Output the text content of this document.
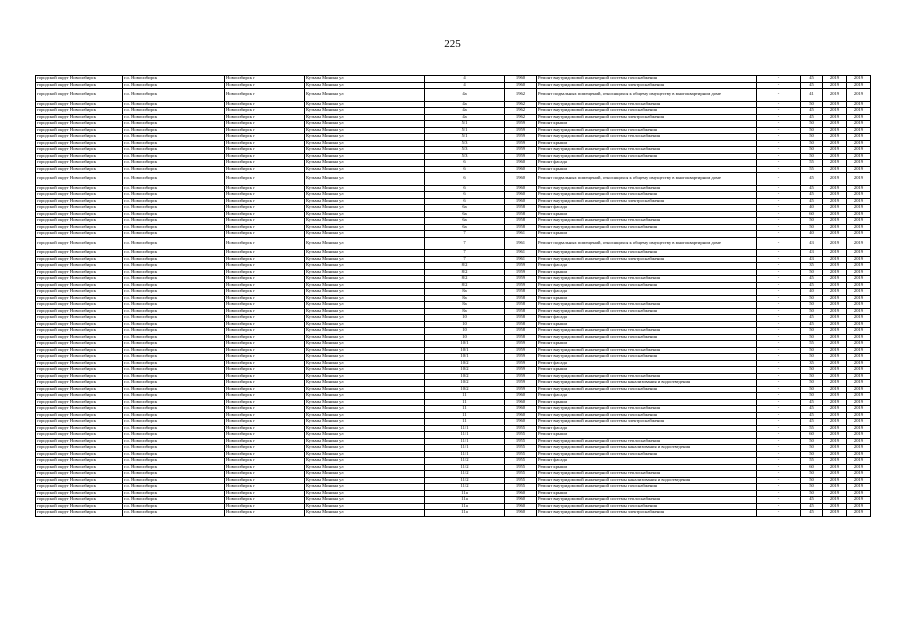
225
городской округ Новосибирск	г.о. Новосибирск	Новосибирск г	Кузьмы Минина ул	4	1960	Ремонт внутридомовой инженерной системы газоснабжения	-	45	2019	2019
городской округ Новосибирск	г.о. Новосибирск	Новосибирск г	Кузьмы Минина ул	4	1960	Ремонт внутридомовой инженерной системы электроснабжения	-	45	2019	2019
городской округ Новосибирск	г.о. Новосибирск	Новосибирск г	Кузьмы Минина ул	4а	1962	Ремонт подвальных помещений, относящихся к общему имуществу в многоквартирном доме	-	41	2019	2019
городской округ Новосибирск	г.о. Новосибирск	Новосибирск г	Кузьмы Минина ул	4а	1962	Ремонт внутридомовой инженерной системы теплоснабжения	-	50	2019	2019
городской округ Новосибирск	г.о. Новосибирск	Новосибирск г	Кузьмы Минина ул	4а	1962	Ремонт внутридомовой инженерной системы газоснабжения	-	45	2019	2019
городской округ Новосибирск	г.о. Новосибирск	Новосибирск г	Кузьмы Минина ул	4а	1962	Ремонт внутридомовой инженерной системы электроснабжения	-	45	2019	2019
городской округ Новосибирск	г.о. Новосибирск	Новосибирск г	Кузьмы Минина ул	5/1	1959	Ремонт крыши	-	50	2019	2019
городской округ Новосибирск	г.о. Новосибирск	Новосибирск г	Кузьмы Минина ул	5/1	1959	Ремонт внутридомовой инженерной системы газоснабжения	-	50	2019	2019
городской округ Новосибирск	г.о. Новосибирск	Новосибирск г	Кузьмы Минина ул	5/1	1959	Ремонт внутридомовой инженерной системы теплоснабжения	-	50	2019	2019
городской округ Новосибирск	г.о. Новосибирск	Новосибирск г	Кузьмы Минина ул	5/3	1959	Ремонт крыши	-	50	2019	2019
городской округ Новосибирск	г.о. Новосибирск	Новосибирск г	Кузьмы Минина ул	5/3	1959	Ремонт внутридомовой инженерной системы теплоснабжения	-	50	2019	2019
городской округ Новосибирск	г.о. Новосибирск	Новосибирск г	Кузьмы Минина ул	5/3	1959	Ремонт внутридомовой инженерной системы газоснабжения	-	50	2019	2019
городской округ Новосибирск	г.о. Новосибирск	Новосибирск г	Кузьмы Минина ул	6	1960	Ремонт фасада	-	55	2019	2019
городской округ Новосибирск	г.о. Новосибирск	Новосибирск г	Кузьмы Минина ул	6	1960	Ремонт крыши	-	55	2019	2019
городской округ Новосибирск	г.о. Новосибирск	Новосибирск г	Кузьмы Минина ул	6	1960	Ремонт подвальных помещений, относящихся к общему имуществу в многоквартирном доме	-	45	2019	2019
городской округ Новосибирск	г.о. Новосибирск	Новосибирск г	Кузьмы Минина ул	6	1960	Ремонт внутридомовой инженерной системы теплоснабжения	-	45	2019	2019
городской округ Новосибирск	г.о. Новосибирск	Новосибирск г	Кузьмы Минина ул	6	1960	Ремонт внутридомовой инженерной системы газоснабжения	-	45	2019	2019
городской округ Новосибирск	г.о. Новосибирск	Новосибирск г	Кузьмы Минина ул	6	1960	Ремонт внутридомовой инженерной системы электроснабжения	-	45	2019	2019
городской округ Новосибирск	г.о. Новосибирск	Новосибирск г	Кузьмы Минина ул	6а	1958	Ремонт фасада	-	40	2019	2019
городской округ Новосибирск	г.о. Новосибирск	Новосибирск г	Кузьмы Минина ул	6а	1958	Ремонт крыши	-	60	2019	2019
городской округ Новосибирск	г.о. Новосибирск	Новосибирск г	Кузьмы Минина ул	6а	1958	Ремонт внутридомовой инженерной системы теплоснабжения	-	50	2019	2019
городской округ Новосибирск	г.о. Новосибирск	Новосибирск г	Кузьмы Минина ул	6а	1958	Ремонт внутридомовой инженерной системы газоснабжения	-	50	2019	2019
городской округ Новосибирск	г.о. Новосибирск	Новосибирск г	Кузьмы Минина ул	7	1961	Ремонт крыши	-	40	2019	2019
городской округ Новосибирск	г.о. Новосибирск	Новосибирск г	Кузьмы Минина ул	7	1961	Ремонт подвальных помещений, относящихся к общему имуществу в многоквартирном доме	-	43	2019	2019
городской округ Новосибирск	г.о. Новосибирск	Новосибирск г	Кузьмы Минина ул	7	1961	Ремонт внутридомовой инженерной системы газоснабжения	-	43	2019	2019
городской округ Новосибирск	г.о. Новосибирск	Новосибирск г	Кузьмы Минина ул	7	1961	Ремонт внутридомовой инженерной системы электроснабжения	-	43	2019	2019
городской округ Новосибирск	г.о. Новосибирск	Новосибирск г	Кузьмы Минина ул	8/2	1959	Ремонт фасада	-	35	2019	2019
городской округ Новосибирск	г.о. Новосибирск	Новосибирск г	Кузьмы Минина ул	8/2	1959	Ремонт крыши	-	50	2019	2019
городской округ Новосибирск	г.о. Новосибирск	Новосибирск г	Кузьмы Минина ул	8/2	1959	Ремонт внутридомовой инженерной системы теплоснабжения	-	45	2019	2019
городской округ Новосибирск	г.о. Новосибирск	Новосибирск г	Кузьмы Минина ул	8/2	1959	Ремонт внутридомовой инженерной системы газоснабжения	-	45	2019	2019
городской округ Новосибирск	г.о. Новосибирск	Новосибирск г	Кузьмы Минина ул	8а	1958	Ремонт фасада	-	40	2019	2019
городской округ Новосибирск	г.о. Новосибирск	Новосибирск г	Кузьмы Минина ул	8а	1958	Ремонт крыши	-	50	2019	2019
городской округ Новосибирск	г.о. Новосибирск	Новосибирск г	Кузьмы Минина ул	8а	1958	Ремонт внутридомовой инженерной системы теплоснабжения	-	50	2019	2019
городской округ Новосибирск	г.о. Новосибирск	Новосибирск г	Кузьмы Минина ул	8а	1958	Ремонт внутридомовой инженерной системы газоснабжения	-	50	2019	2019
городской округ Новосибирск	г.о. Новосибирск	Новосибирск г	Кузьмы Минина ул	10	1958	Ремонт фасада	-	45	2019	2019
городской округ Новосибирск	г.о. Новосибирск	Новосибирск г	Кузьмы Минина ул	10	1958	Ремонт крыши	-	45	2019	2019
городской округ Новосибирск	г.о. Новосибирск	Новосибирск г	Кузьмы Минина ул	10	1958	Ремонт внутридомовой инженерной системы теплоснабжения	-	50	2019	2019
городской округ Новосибирск	г.о. Новосибирск	Новосибирск г	Кузьмы Минина ул	10	1958	Ремонт внутридомовой инженерной системы газоснабжения	-	50	2019	2019
городской округ Новосибирск	г.о. Новосибирск	Новосибирск г	Кузьмы Минина ул	10/1	1959	Ремонт крыши	-	55	2019	2019
городской округ Новосибирск	г.о. Новосибирск	Новосибирск г	Кузьмы Минина ул	10/1	1959	Ремонт внутридомовой инженерной системы теплоснабжения	-	50	2019	2019
городской округ Новосибирск	г.о. Новосибирск	Новосибирск г	Кузьмы Минина ул	10/1	1959	Ремонт внутридомовой инженерной системы газоснабжения	-	50	2019	2019
городской округ Новосибирск	г.о. Новосибирск	Новосибирск г	Кузьмы Минина ул	10/2	1959	Ремонт фасада	-	35	2019	2019
городской округ Новосибирск	г.о. Новосибирск	Новосибирск г	Кузьмы Минина ул	10/2	1959	Ремонт крыши	-	50	2019	2019
городской округ Новосибирск	г.о. Новосибирск	Новосибирск г	Кузьмы Минина ул	10/2	1959	Ремонт внутридомовой инженерной системы теплоснабжения	-	50	2019	2019
городской округ Новосибирск	г.о. Новосибирск	Новосибирск г	Кузьмы Минина ул	10/2	1959	Ремонт внутридомовой инженерной системы канализования и водоотведения	-	50	2019	2019
городской округ Новосибирск	г.о. Новосибирск	Новосибирск г	Кузьмы Минина ул	10/2	1959	Ремонт внутридомовой инженерной системы газоснабжения	-	50	2019	2019
городской округ Новосибирск	г.о. Новосибирск	Новосибирск г	Кузьмы Минина ул	11	1960	Ремонт фасада	-	50	2019	2019
городской округ Новосибирск	г.о. Новосибирск	Новосибирск г	Кузьмы Минина ул	11	1960	Ремонт крыши	-	45	2019	2019
городской округ Новосибирск	г.о. Новосибирск	Новосибирск г	Кузьмы Минина ул	11	1960	Ремонт внутридомовой инженерной системы теплоснабжения	-	45	2019	2019
городской округ Новосибирск	г.о. Новосибирск	Новосибирск г	Кузьмы Минина ул	11	1960	Ремонт внутридомовой инженерной системы газоснабжения	-	45	2019	2019
городской округ Новосибирск	г.о. Новосибирск	Новосибирск г	Кузьмы Минина ул	11	1960	Ремонт внутридомовой инженерной системы электроснабжения	-	45	2019	2019
городской округ Новосибирск	г.о. Новосибирск	Новосибирск г	Кузьмы Минина ул	11/1	1955	Ремонт фасада	-	55	2019	2019
городской округ Новосибирск	г.о. Новосибирск	Новосибирск г	Кузьмы Минина ул	11/1	1955	Ремонт крыши	-	60	2019	2019
городской округ Новосибирск	г.о. Новосибирск	Новосибирск г	Кузьмы Минина ул	11/1	1955	Ремонт внутридомовой инженерной системы теплоснабжения	-	50	2019	2019
городской округ Новосибирск	г.о. Новосибирск	Новосибирск г	Кузьмы Минина ул	11/1	1955	Ремонт внутридомовой инженерной системы канализования и водоотведения	-	50	2019	2019
городской округ Новосибирск	г.о. Новосибирск	Новосибирск г	Кузьмы Минина ул	11/1	1955	Ремонт внутридомовой инженерной системы газоснабжения	-	50	2019	2019
городской округ Новосибирск	г.о. Новосибирск	Новосибирск г	Кузьмы Минина ул	11/2	1955	Ремонт фасада	-	55	2019	2019
городской округ Новосибирск	г.о. Новосибирск	Новосибирск г	Кузьмы Минина ул	11/2	1955	Ремонт крыши	-	60	2019	2019
городской округ Новосибирск	г.о. Новосибирск	Новосибирск г	Кузьмы Минина ул	11/2	1955	Ремонт внутридомовой инженерной системы теплоснабжения	-	50	2019	2019
городской округ Новосибирск	г.о. Новосибирск	Новосибирск г	Кузьмы Минина ул	11/2	1955	Ремонт внутридомовой инженерной системы канализования и водоотведения	-	50	2019	2019
городской округ Новосибирск	г.о. Новосибирск	Новосибирск г	Кузьмы Минина ул	11/2	1955	Ремонт внутридомовой инженерной системы газоснабжения	-	50	2019	2019
городской округ Новосибирск	г.о. Новосибирск	Новосибирск г	Кузьмы Минина ул	11а	1960	Ремонт крыши	-	50	2019	2019
городской округ Новосибирск	г.о. Новосибирск	Новосибирск г	Кузьмы Минина ул	11а	1960	Ремонт внутридомовой инженерной системы теплоснабжения	-	45	2019	2019
городской округ Новосибирск	г.о. Новосибирск	Новосибирск г	Кузьмы Минина ул	11а	1960	Ремонт внутридомовой инженерной системы газоснабжения	-	45	2019	2019
городской округ Новосибирск	г.о. Новосибирск	Новосибирск г	Кузьмы Минина ул	11а	1960	Ремонт внутридомовой инженерной системы электроснабжения	-	45	2019	2019
